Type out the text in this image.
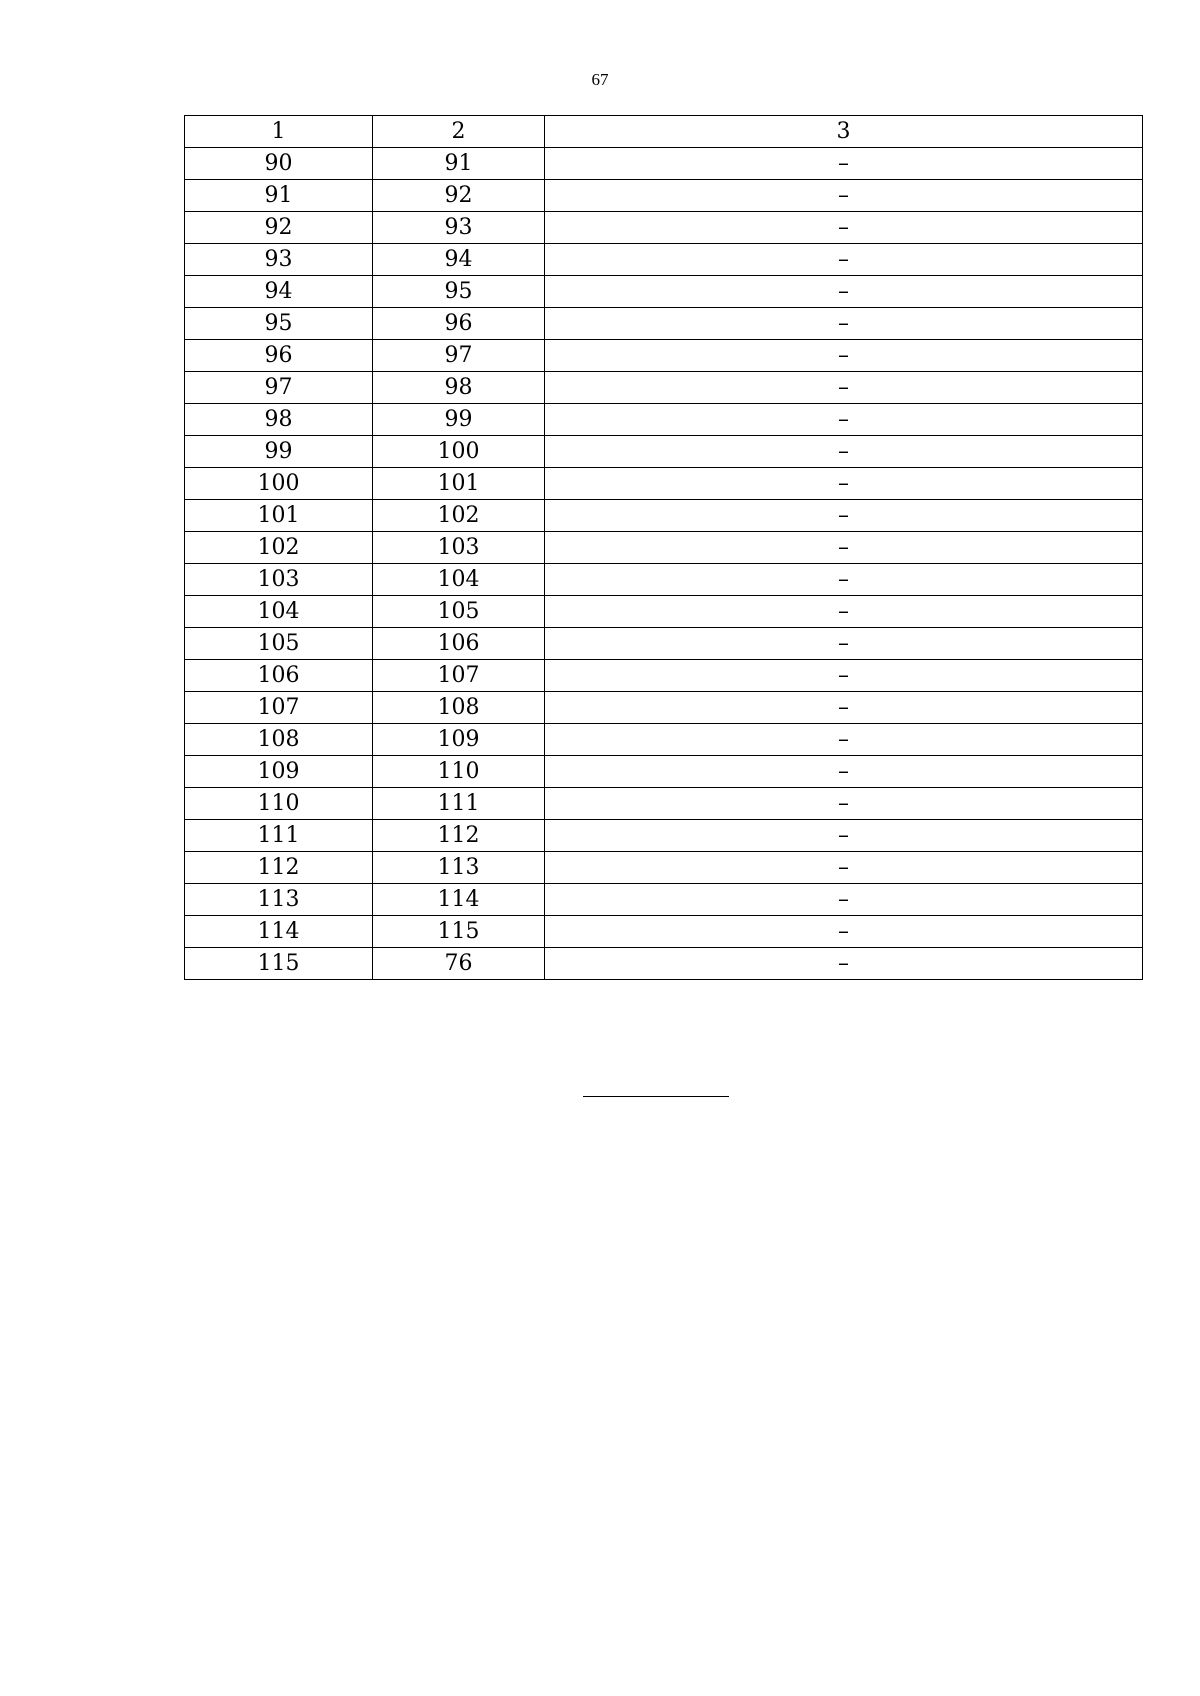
67
1	2	3
90	91	–
91	92	–
92	93	–
93	94	–
94	95	–
95	96	–
96	97	–
97	98	–
98	99	–
99	100	–
100	101	–
101	102	–
102	103	–
103	104	–
104	105	–
105	106	–
106	107	–
107	108	–
108	109	–
109	110	–
110	111	–
111	112	–
112	113	–
113	114	–
114	115	–
115	76	–
